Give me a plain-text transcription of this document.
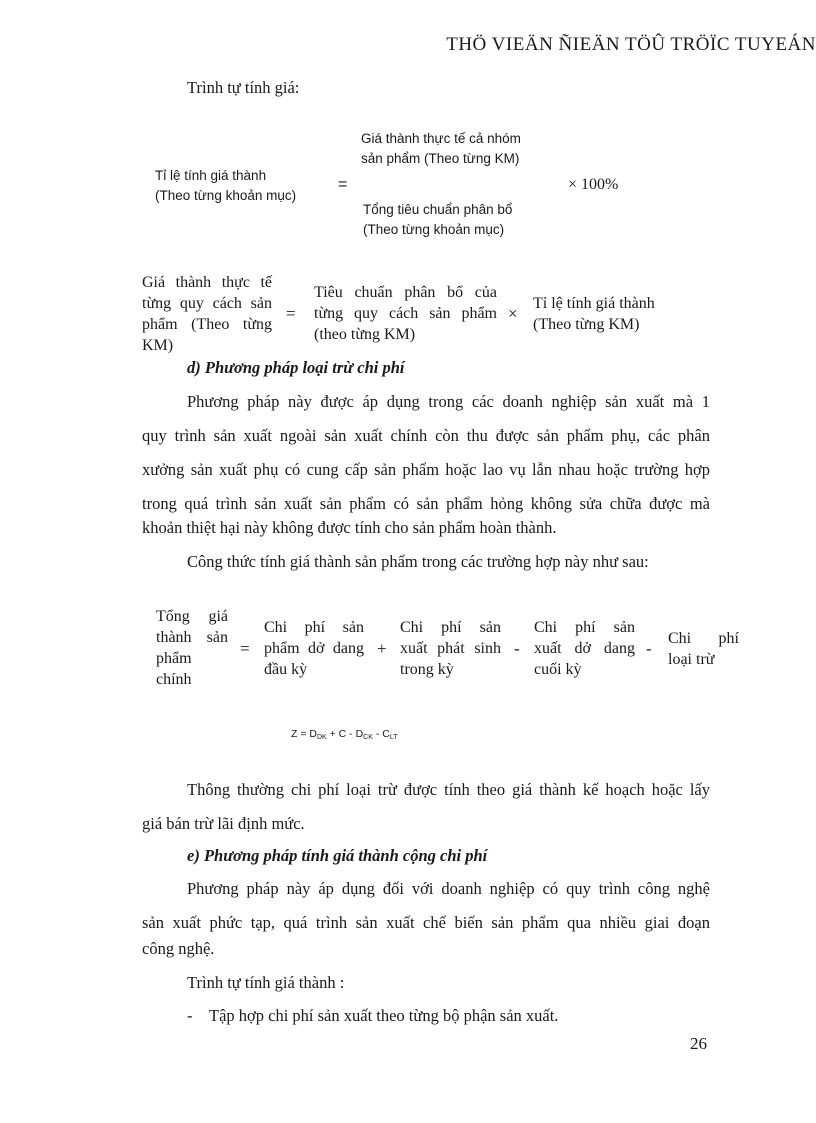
THÖ VIEÄN ÑIEÄN TÖÛ TRÖÏC TUYEÁN
Trình tự tính giá:
Tỉ lệ tính giá thành
(Theo từng khoản mục)
=
Giá thành thực tế cả nhóm
sản phẩm (Theo từng KM)
Tổng tiêu chuẩn phân bổ
(Theo từng khoản mục)
× 100%
Giá thành thực tế
từng quy cách sản
phẩm (Theo từng
KM)
=
Tiêu chuẩn phân bổ của
từng quy cách sản phẩm
(theo từng KM)
×
Tỉ lệ tính giá thành
(Theo từng KM)
d) Phương pháp loại trừ chi phí
Phương pháp này được áp dụng trong các doanh nghiệp sản xuất mà 1
quy trình sản xuất ngoài sản xuất chính còn thu được sản phẩm phụ, các phân
xưởng sản xuất phụ có cung cấp sản phẩm hoặc lao vụ lẫn nhau hoặc trường hợp
trong quá trình sản xuất sản phẩm có sản phẩm hỏng không sửa chữa được mà
khoản thiệt hại này không được tính cho sản phẩm hoàn thành.
Công thức tính giá thành sản phẩm trong các trường hợp này như sau:
Tổng giá
thành sản
phẩm
chính
=
Chi phí sản
phẩm dở dang
đầu kỳ
+
Chi phí sản
xuất phát sinh
trong kỳ
-
Chi phí sản
xuất dở dang
cuối kỳ
-
Chi phí
loại trừ
$Z = D_{DK} + C - D_{CK} - C_{LT}$
Thông thường chi phí loại trừ được tính theo giá thành kế hoạch hoặc lấy
giá bán trừ lãi định mức.
e) Phương pháp tính giá thành cộng chi phí
Phương pháp này áp dụng đối với doanh nghiệp có quy trình công nghệ
sản xuất phức tạp, quá trình sản xuất chế biến sản phẩm qua nhiều giai đoạn
công nghệ.
Trình tự tính giá thành :
- Tập hợp chi phí sản xuất theo từng bộ phận sản xuất.
26
